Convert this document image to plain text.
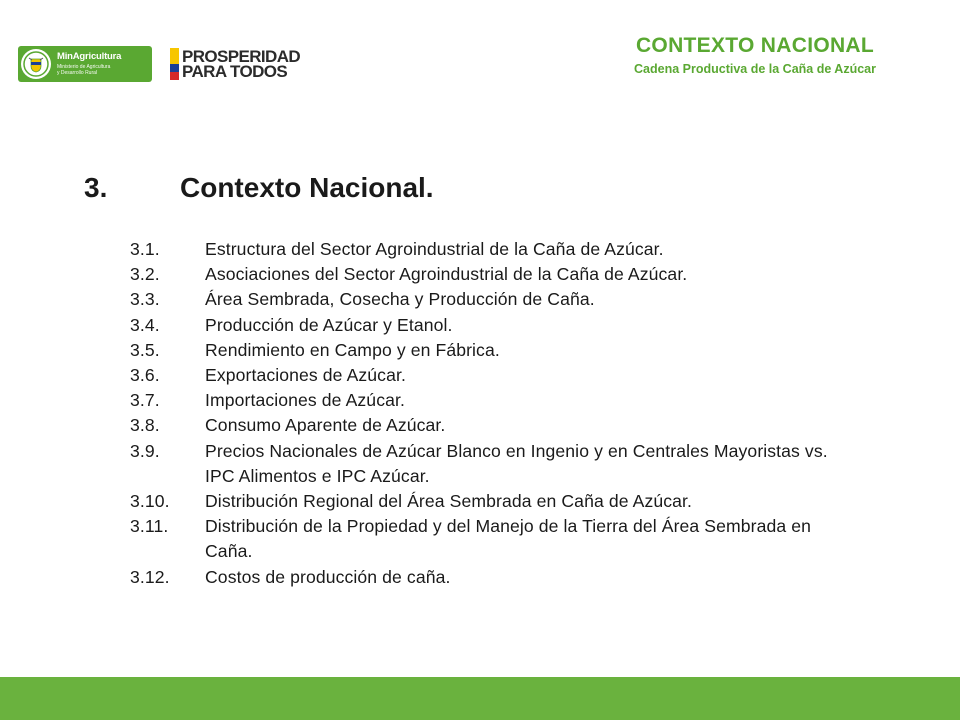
MinAgricultura
Ministerio de Agricultura
y Desarrollo Rural
PROSPERIDAD
PARA TODOS
CONTEXTO NACIONAL
Cadena Productiva de la Caña de Azúcar
3.	Contexto Nacional.
3.1.	Estructura del Sector Agroindustrial de la Caña de Azúcar.
3.2.	Asociaciones del Sector Agroindustrial de la Caña de Azúcar.
3.3.	Área Sembrada, Cosecha y Producción de Caña.
3.4.	Producción de Azúcar y Etanol.
3.5.	Rendimiento en Campo y en Fábrica.
3.6.	Exportaciones de Azúcar.
3.7.	Importaciones de Azúcar.
3.8.	Consumo Aparente de Azúcar.
3.9.	Precios Nacionales de Azúcar Blanco en Ingenio y en Centrales Mayoristas vs. IPC Alimentos e IPC Azúcar.
3.10.	Distribución Regional del Área Sembrada en Caña de Azúcar.
3.11.	Distribución de la Propiedad y del Manejo de la Tierra del Área Sembrada en Caña.
3.12.	Costos de producción de caña.
